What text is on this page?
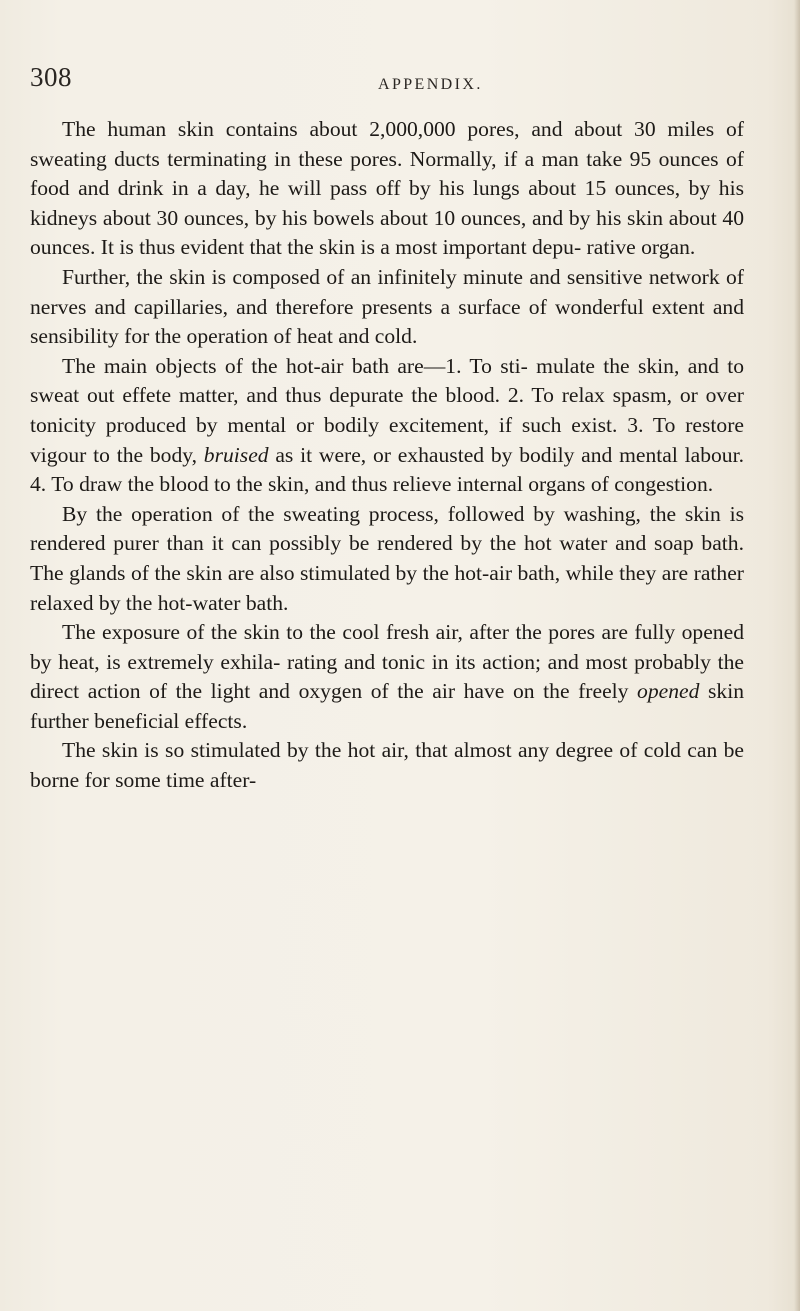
308	APPENDIX.

The human skin contains about 2,000,000 pores, and about 30 miles of sweating ducts terminating in these pores. Normally, if a man take 95 ounces of food and drink in a day, he will pass off by his lungs about 15 ounces, by his kidneys about 30 ounces, by his bowels about 10 ounces, and by his skin about 40 ounces. It is thus evident that the skin is a most important depu- rative organ.

Further, the skin is composed of an infinitely minute and sensitive network of nerves and capillaries, and therefore presents a surface of wonderful extent and sensibility for the operation of heat and cold.

The main objects of the hot-air bath are—1. To sti- mulate the skin, and to sweat out effete matter, and thus depurate the blood. 2. To relax spasm, or over tonicity produced by mental or bodily excitement, if such exist. 3. To restore vigour to the body, bruised as it were, or exhausted by bodily and mental labour. 4. To draw the blood to the skin, and thus relieve internal organs of congestion.

By the operation of the sweating process, followed by washing, the skin is rendered purer than it can possibly be rendered by the hot water and soap bath. The glands of the skin are also stimulated by the hot-air bath, while they are rather relaxed by the hot-water bath.

The exposure of the skin to the cool fresh air, after the pores are fully opened by heat, is extremely exhila- rating and tonic in its action; and most probably the direct action of the light and oxygen of the air have on the freely opened skin further beneficial effects.

The skin is so stimulated by the hot air, that almost any degree of cold can be borne for some time after-
